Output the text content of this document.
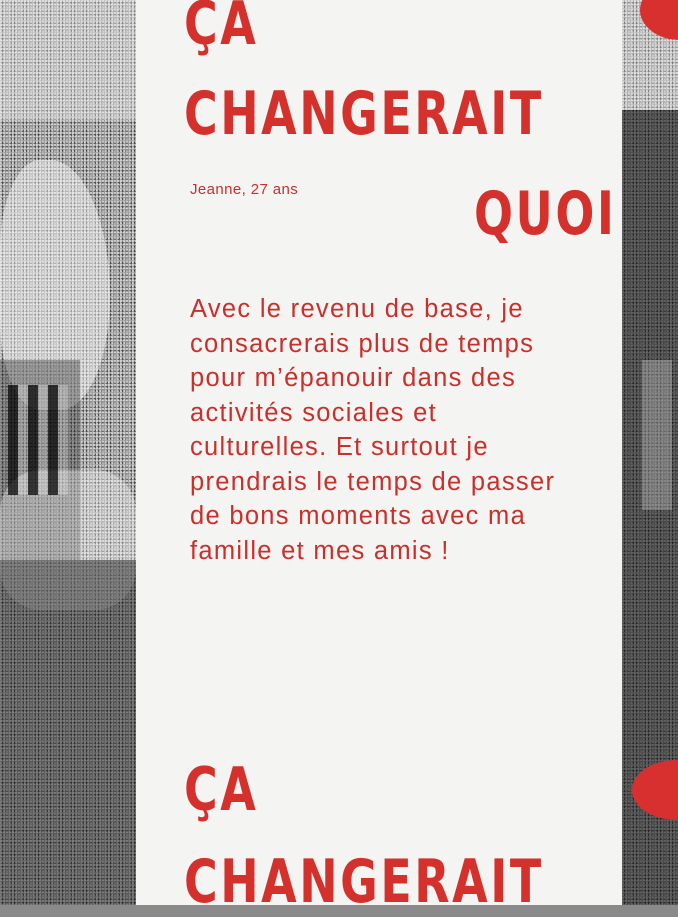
ÇA
CHANGERAIT
QUOI

Jeanne, 27 ans

Avec le revenu de base, je consacrerais plus de temps pour m’épanouir dans des activités sociales et culturelles. Et surtout je prendrais le temps de passer de bons moments avec ma famille et mes amis !

ÇA
CHANGERAIT
